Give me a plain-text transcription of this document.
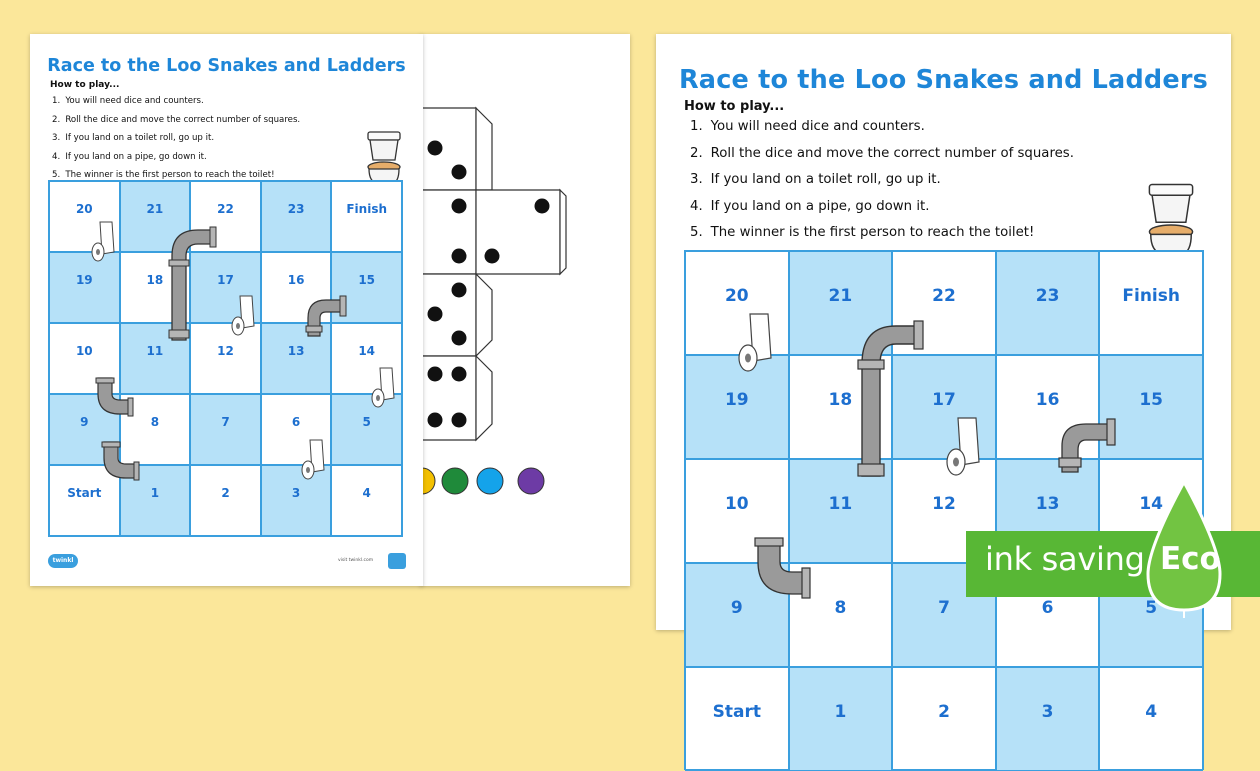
Race to the Loo Snakes and Ladders
How to play...
1. You will need dice and counters.
2. Roll the dice and move the correct number of squares.
3. If you land on a toilet roll, go up it.
4. If you land on a pipe, go down it.
5. The winner is the first person to reach the toilet!
20	21	22	23	Finish
19	18	17	16	15
10	11	12	13	14
9	8	7	6	5
Start	1	2	3	4
twinkl	visit twinkl.com
Race to the Loo Snakes and Ladders
How to play...
1. You will need dice and counters.
2. Roll the dice and move the correct number of squares.
3. If you land on a toilet roll, go up it.
4. If you land on a pipe, go down it.
5. The winner is the first person to reach the toilet!
20	21	22	23	Finish
19	18	17	16	15
10	11	12	13	14
9	8	7	6	5
Start	1	2	3	4
ink saving Eco
